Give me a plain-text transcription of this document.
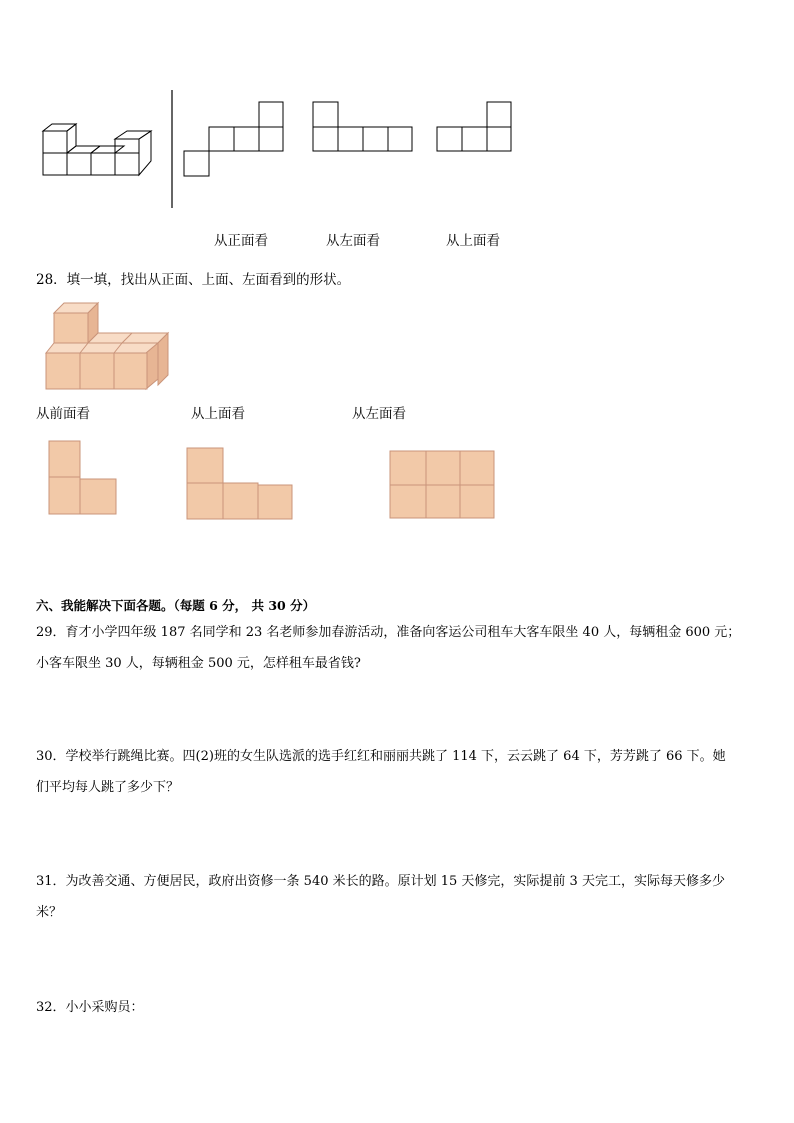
从正面看	从左面看	从上面看
28．填一填，找出从正面、上面、左面看到的形状。
从前面看	从上面看	从左面看
六、我能解决下面各题。（每题 6 分， 共 30 分）
29．育才小学四年级 187 名同学和 23 名老师参加春游活动，准备向客运公司租车大客车限坐 40 人，每辆租金 600 元；
小客车限坐 30 人，每辆租金 500 元，怎样租车最省钱?
30．学校举行跳绳比赛。四(2)班的女生队选派的选手红红和丽丽共跳了 114 下，云云跳了 64 下，芳芳跳了 66 下。她
们平均每人跳了多少下？
31．为改善交通、方便居民，政府出资修一条 540 米长的路。原计划 15 天修完，实际提前 3 天完工，实际每天修多少
米？
32．小小采购员：
